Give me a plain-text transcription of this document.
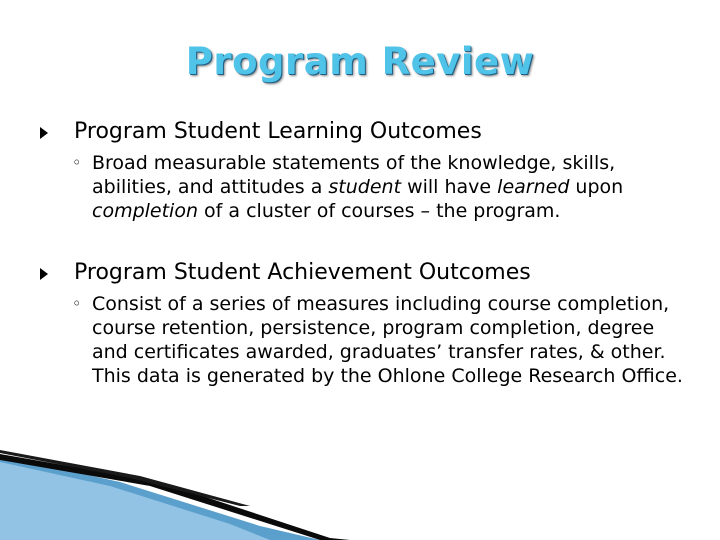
Program Review
Program Student Learning Outcomes
◦ Broad measurable statements of the knowledge, skills, abilities, and attitudes a student will have learned upon completion of a cluster of courses – the program.
Program Student Achievement Outcomes
◦ Consist of a series of measures including course completion, course retention, persistence, program completion, degree and certificates awarded, graduates’ transfer rates, & other. This data is generated by the Ohlone College Research Office.
